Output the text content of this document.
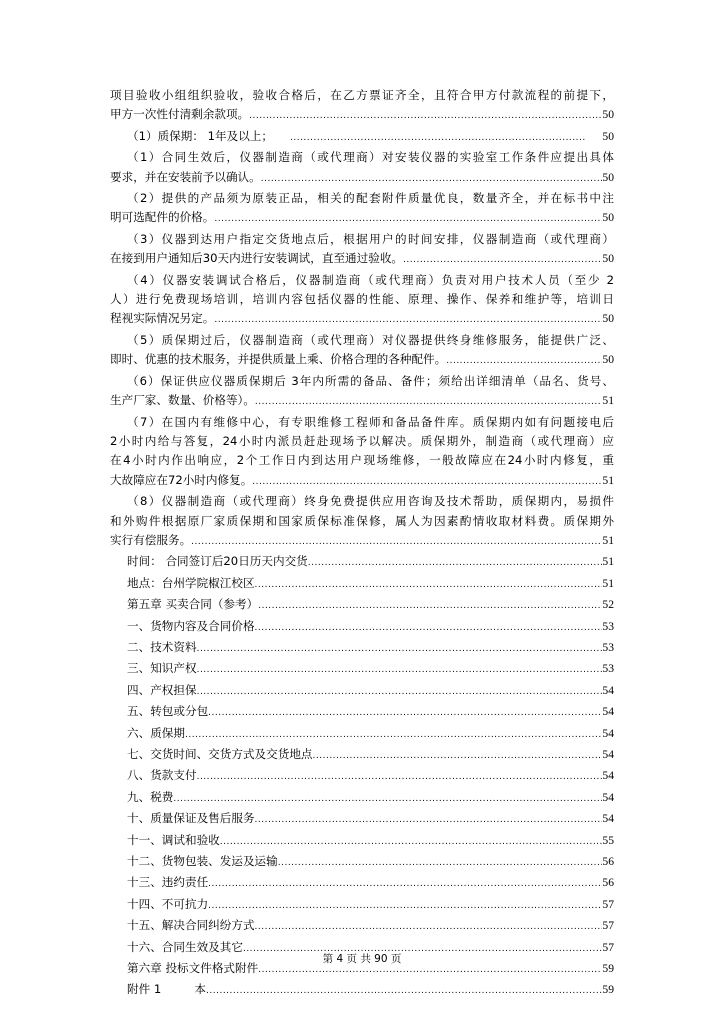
项目验收小组组织验收，验收合格后，在乙方票证齐全，且符合甲方付款流程的前提下，
甲方一次性付清剩余款项。 .....	50
（1）质保期： 1年及以上； .....	50
（1）合同生效后，仪器制造商（或代理商）对安装仪器的实验室工作条件应提出具体
要求，并在安装前予以确认。 .....	50
（2）提供的产品须为原装正品，相关的配套附件质量优良，数量齐全，并在标书中注
明可选配件的价格。 .....	50
（3）仪器到达用户指定交货地点后，根据用户的时间安排，仪器制造商（或代理商）
在接到用户通知后30天内进行安装调试，直至通过验收。 .....	50
（4）仪器安装调试合格后，仪器制造商（或代理商）负责对用户技术人员（至少 2
人）进行免费现场培训，培训内容包括仪器的性能、原理、操作、保养和维护等，培训日
程视实际情况另定。 .....	50
（5）质保期过后，仪器制造商（或代理商）对仪器提供终身维修服务，能提供广泛、
即时、优惠的技术服务，并提供质量上乘、价格合理的各种配件。 .....	50
（6）保证供应仪器质保期后 3年内所需的备品、备件；须给出详细清单（品名、货号、
生产厂家、数量、价格等）。 .....	51
（7）在国内有维修中心，有专职维修工程师和备品备件库。质保期内如有问题接电后
2小时内给与答复，24小时内派员赶赴现场予以解决。质保期外，制造商（或代理商）应
在4小时内作出响应，2个工作日内到达用户现场维修，一般故障应在24小时内修复，重
大故障应在72小时内修复。 .....	51
（8）仪器制造商（或代理商）终身免费提供应用咨询及技术帮助，质保期内，易损件
和外购件根据原厂家质保期和国家质保标准保修，属人为因素酌情收取材料费。质保期外
实行有偿服务。 .....	51
时间： 合同签订后20日历天内交货 .....	51
地点：台州学院椒江校区 .....	51
第五章 买卖合同（参考） .....	52
一、货物内容及合同价格 .....	53
二、技术资料 .....	53
三、知识产权 .....	53
四、产权担保 .....	54
五、转包或分包 .....	54
六、质保期 .....	54
七、交货时间、交货方式及交货地点 .....	54
八、货款支付 .....	54
九、税费 .....	54
十、质量保证及售后服务 .....	54
十一、调试和验收 .....	55
十二、货物包装、发运及运输 .....	56
十三、违约责任 .....	56
十四、不可抗力 .....	57
十五、解决合同纠纷方式 .....	57
十六、合同生效及其它 .....	57
第六章 投标文件格式附件 .....	59
附件 1         本 .....	59
第 4 页 共 90 页
